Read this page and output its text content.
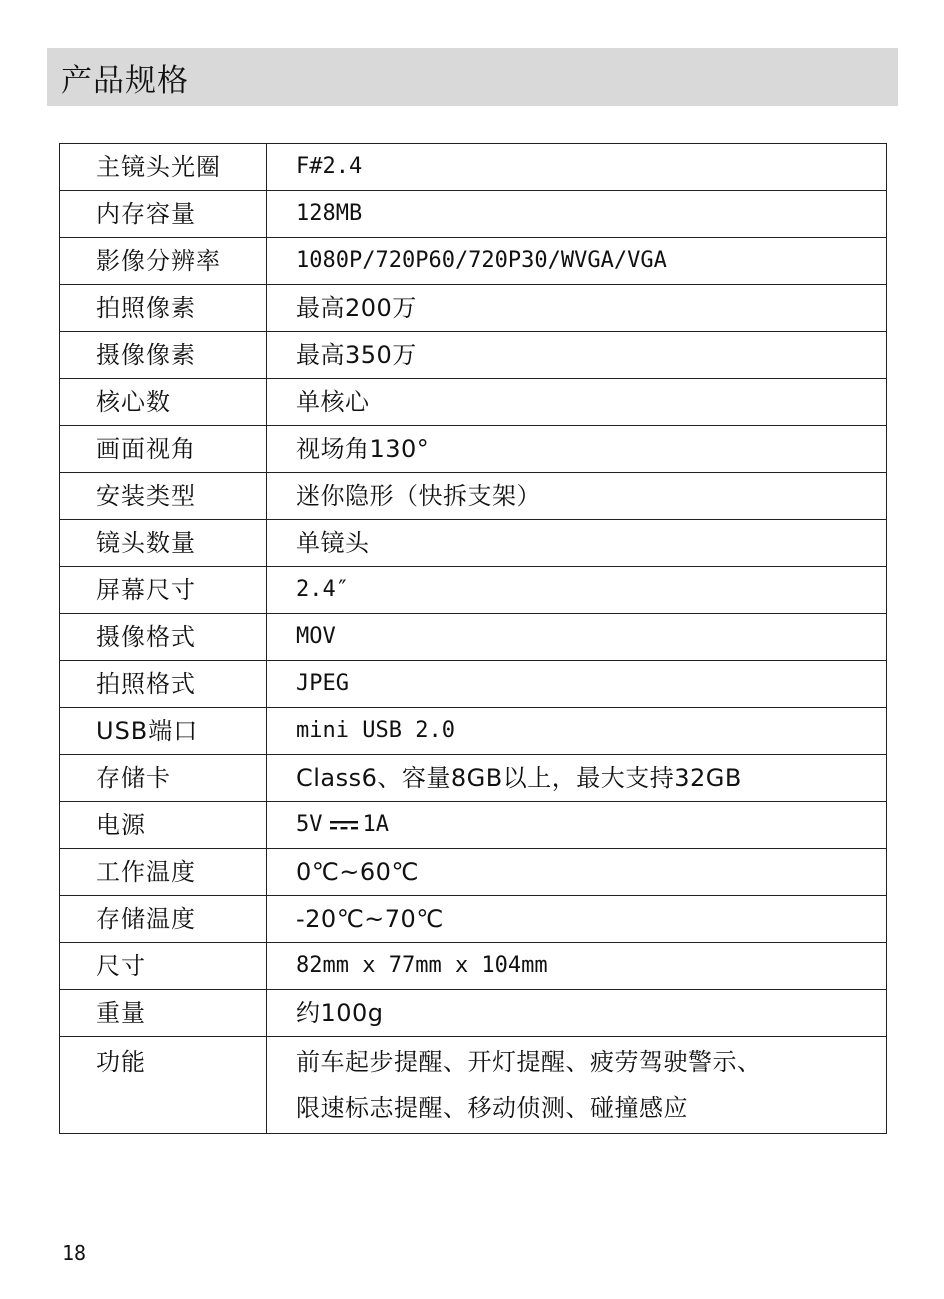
产品规格
主镜头光圈	F#2.4
内存容量	128MB
影像分辨率	1080P/720P60/720P30/WVGA/VGA
拍照像素	最高200万
摄像像素	最高350万
核心数	单核心
画面视角	视场角130°
安装类型	迷你隐形（快拆支架）
镜头数量	单镜头
屏幕尺寸	2.4″
摄像格式	MOV
拍照格式	JPEG
USB端口	mini USB 2.0
存储卡	Class6、容量8GB以上，最大支持32GB
电源	5V 1A
工作温度	0℃~60℃
存储温度	-20℃~70℃
尺寸	82mm x 77mm x 104mm
重量	约100g
功能	前车起步提醒、开灯提醒、疲劳驾驶警示、
限速标志提醒、移动侦测、碰撞感应
18
